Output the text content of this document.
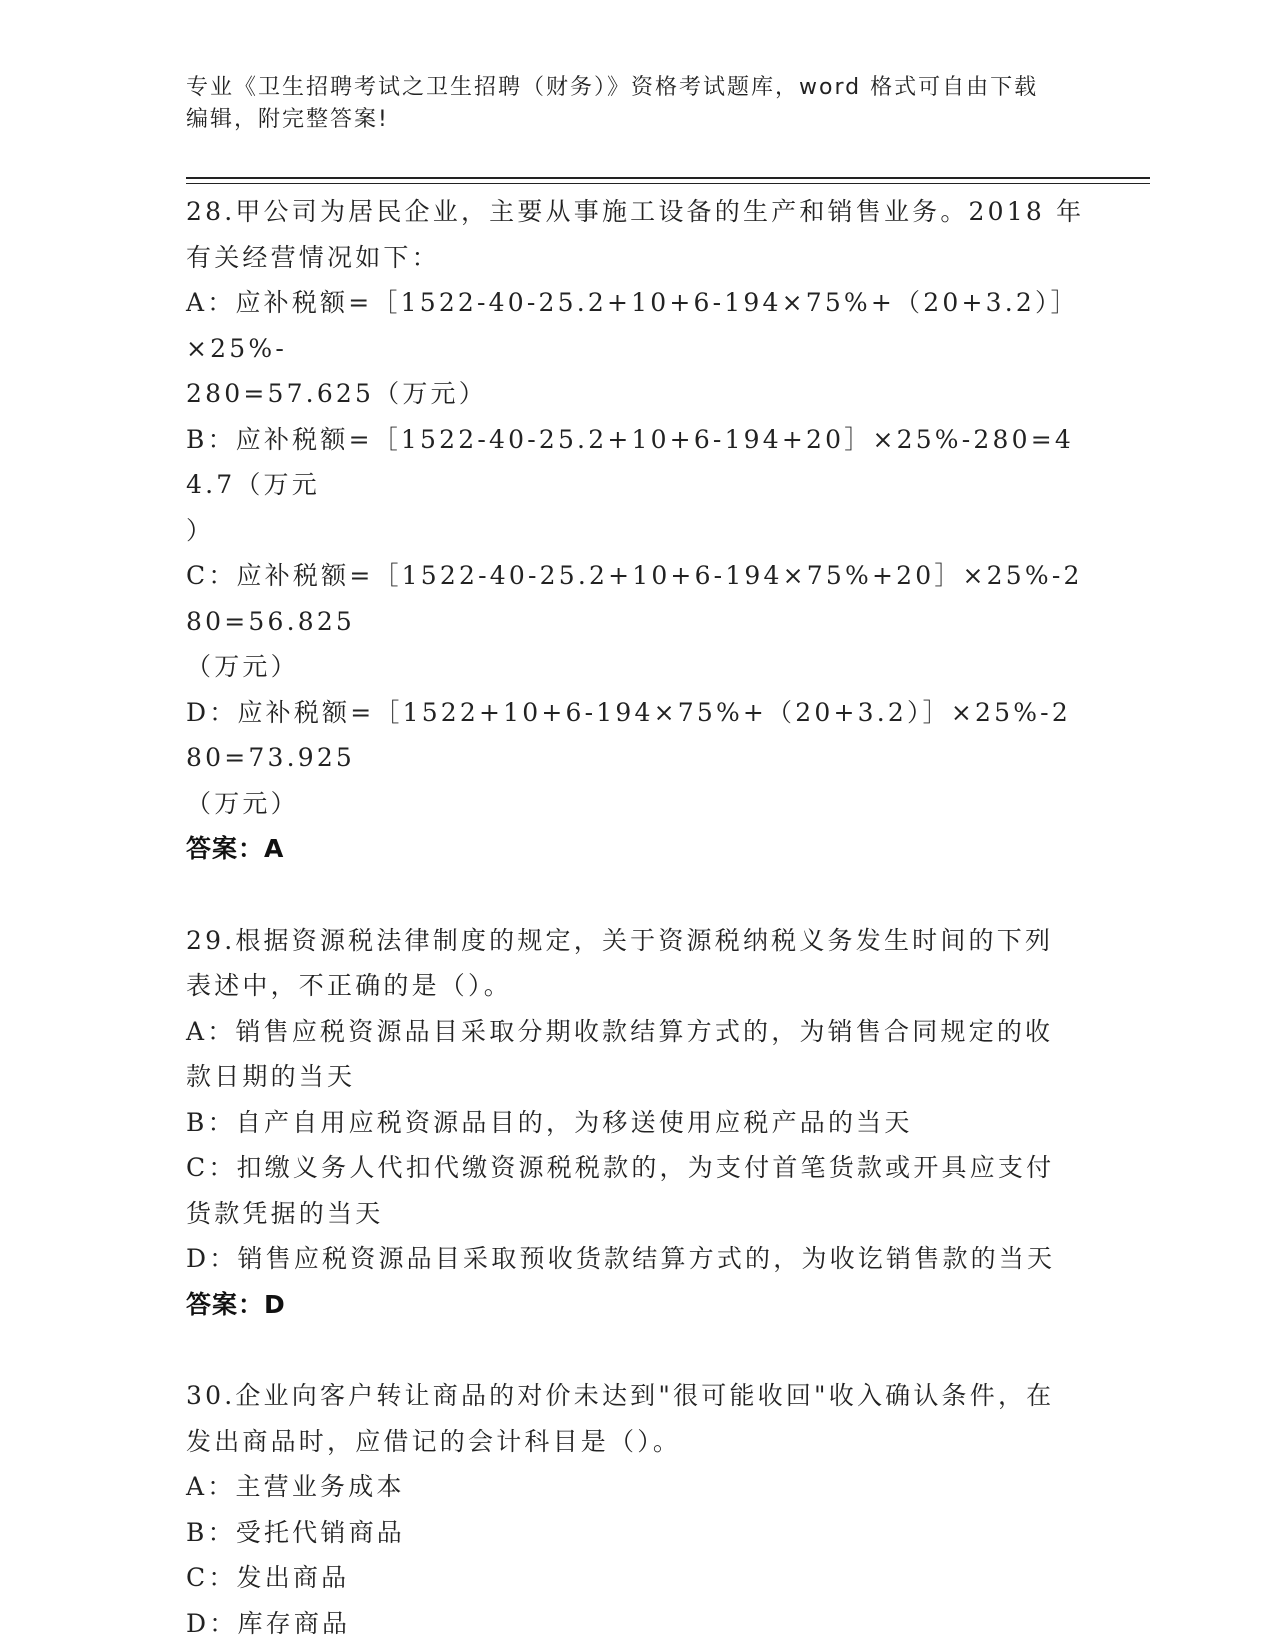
专业《卫生招聘考试之卫生招聘（财务）》资格考试题库，word 格式可自由下载
编辑，附完整答案!
28.甲公司为居民企业，主要从事施工设备的生产和销售业务。2018 年
有关经营情况如下：
A：应补税额=［1522-40-25.2+10+6-194×75%+（20+3.2）］×25%-
280=57.625（万元）
B：应补税额=［1522-40-25.2+10+6-194+20］×25%-280=44.7（万元
）
C：应补税额=［1522-40-25.2+10+6-194×75%+20］×25%-280=56.825
（万元）
D：应补税额=［1522+10+6-194×75%+（20+3.2）］×25%-280=73.925
（万元）
答案：A
29.根据资源税法律制度的规定，关于资源税纳税义务发生时间的下列
表述中，不正确的是（）。
A：销售应税资源品目采取分期收款结算方式的，为销售合同规定的收
款日期的当天
B：自产自用应税资源品目的，为移送使用应税产品的当天
C：扣缴义务人代扣代缴资源税税款的，为支付首笔货款或开具应支付
货款凭据的当天
D：销售应税资源品目采取预收货款结算方式的，为收讫销售款的当天
答案：D
30.企业向客户转让商品的对价未达到"很可能收回"收入确认条件，在
发出商品时，应借记的会计科目是（）。
A：主营业务成本
B：受托代销商品
C：发出商品
D：库存商品
